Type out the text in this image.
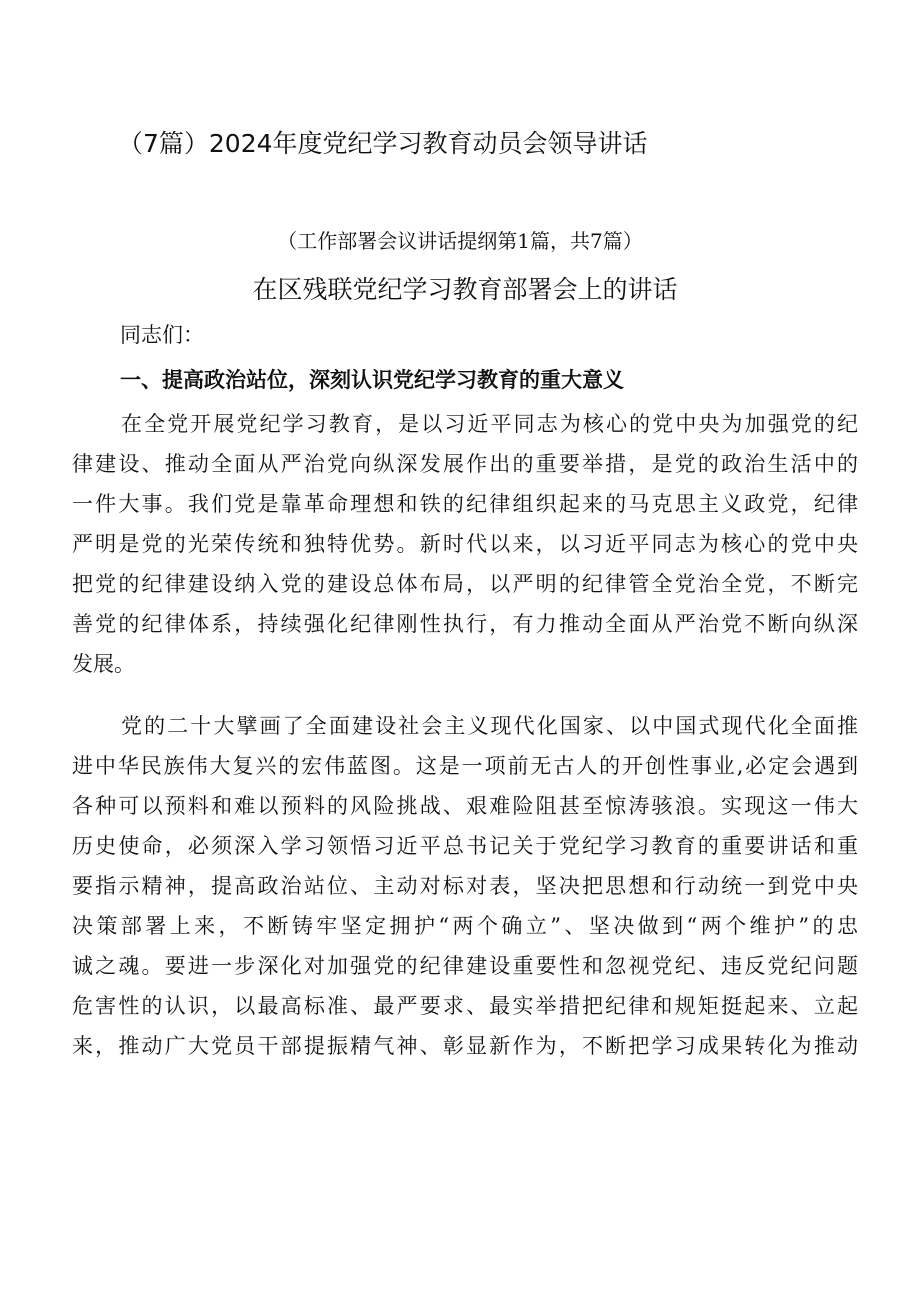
（7篇）2024年度党纪学习教育动员会领导讲话
（工作部署会议讲话提纲第1篇，共7篇）
在区残联党纪学习教育部署会上的讲话
同志们：
一、提高政治站位，深刻认识党纪学习教育的重大意义
在全党开展党纪学习教育，是以习近平同志为核心的党中央为加强党的纪
律建设、推动全面从严治党向纵深发展作出的重要举措，是党的政治生活中的
一件大事。我们党是靠革命理想和铁的纪律组织起来的马克思主义政党，纪律
严明是党的光荣传统和独特优势。新时代以来，以习近平同志为核心的党中央
把党的纪律建设纳入党的建设总体布局，以严明的纪律管全党治全党，不断完
善党的纪律体系，持续强化纪律刚性执行，有力推动全面从严治党不断向纵深
发展。
党的二十大擘画了全面建设社会主义现代化国家、以中国式现代化全面推
进中华民族伟大复兴的宏伟蓝图。这是一项前无古人的开创性事业,必定会遇到
各种可以预料和难以预料的风险挑战、艰难险阻甚至惊涛骇浪。实现这一伟大
历史使命，必须深入学习领悟习近平总书记关于党纪学习教育的重要讲话和重
要指示精神，提高政治站位、主动对标对表，坚决把思想和行动统一到党中央
决策部署上来，不断铸牢坚定拥护“两个确立”、坚决做到“两个维护”的忠
诚之魂。要进一步深化对加强党的纪律建设重要性和忽视党纪、违反党纪问题
危害性的认识，以最高标准、最严要求、最实举措把纪律和规矩挺起来、立起
来，推动广大党员干部提振精气神、彰显新作为，不断把学习成果转化为推动
